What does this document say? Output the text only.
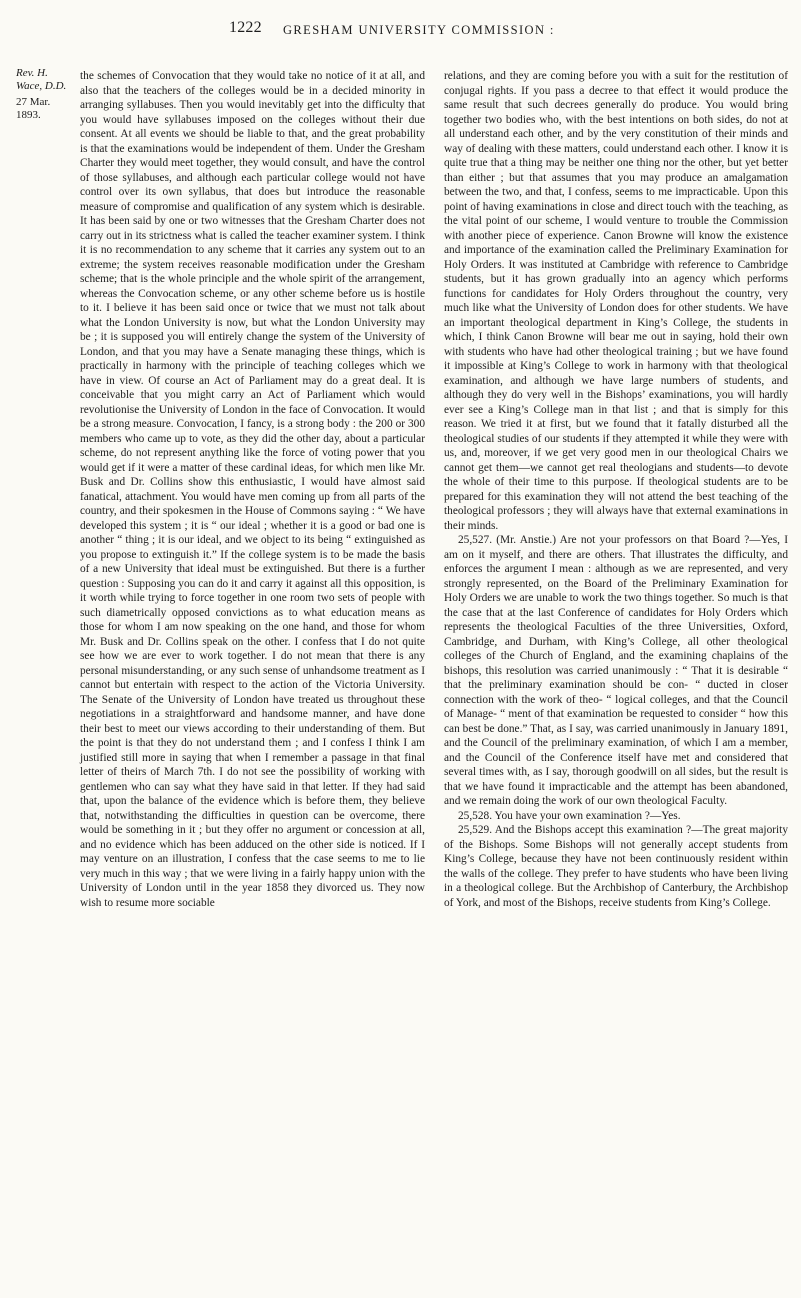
1222 GRESHAM UNIVERSITY COMMISSION :
Rev. H. Wace, D.D.
27 Mar. 1893.

the schemes of Convocation that they would take no notice of it at all, and also that the teachers of the colleges would be in a decided minority in arranging syllabuses. Then you would inevitably get into the difficulty that you would have syllabuses imposed on the colleges without their due consent. At all events we should be liable to that, and the great probability is that the examinations would be independent of them. Under the Gresham Charter they would meet together, they would consult, and have the control of those syllabuses, and although each particular college would not have control over its own syllabus, that does but introduce the reasonable measure of compromise and qualification of any system which is desirable. It has been said by one or two witnesses that the Gresham Charter does not carry out in its strictness what is called the teacher examiner system. I think it is no recommendation to any scheme that it carries any system out to an extreme; the system receives reasonable modification under the Gresham scheme; that is the whole principle and the whole spirit of the arrangement, whereas the Convocation scheme, or any other scheme before us is hostile to it. I believe it has been said once or twice that we must not talk about what the London University is now, but what the London University may be ; it is supposed you will entirely change the system of the University of London, and that you may have a Senate managing these things, which is practically in harmony with the principle of teaching colleges which we have in view. Of course an Act of Parliament may do a great deal. It is conceivable that you might carry an Act of Parliament which would revolutionise the University of London in the face of Convocation. It would be a strong measure. Convocation, I fancy, is a strong body : the 200 or 300 members who came up to vote, as they did the other day, about a particular scheme, do not represent anything like the force of voting power that you would get if it were a matter of these cardinal ideas, for which men like Mr. Busk and Dr. Collins show this enthusiastic, I would have almost said fanatical, attachment. You would have men coming up from all parts of the country, and their spokesmen in the House of Commons saying : “ We have developed this system ; it is “ our ideal ; whether it is a good or bad one is another “ thing ; it is our ideal, and we object to its being “ extinguished as you propose to extinguish it.” If the college system is to be made the basis of a new University that ideal must be extinguished. But there is a further question : Supposing you can do it and carry it against all this opposition, is it worth while trying to force together in one room two sets of people with such diametrically opposed convictions as to what education means as those for whom I am now speaking on the one hand, and those for whom Mr. Busk and Dr. Collins speak on the other. I confess that I do not quite see how we are ever to work together. I do not mean that there is any personal misunderstanding, or any such sense of unhandsome treatment as I cannot but entertain with respect to the action of the Victoria University. The Senate of the University of London have treated us throughout these negotiations in a straightforward and handsome manner, and have done their best to meet our views according to their understanding of them. But the point is that they do not understand them ; and I confess I think I am justified still more in saying that when I remember a passage in that final letter of theirs of March 7th. I do not see the possibility of working with gentlemen who can say what they have said in that letter. If they had said that, upon the balance of the evidence which is before them, they believe that, notwithstanding the difficulties in question can be overcome, there would be something in it ; but they offer no argument or concession at all, and no evidence which has been adduced on the other side is noticed. If I may venture on an illustration, I confess that the case seems to me to lie very much in this way ; that we were living in a fairly happy union with the University of London until in the year 1858 they divorced us. They now wish to resume more sociable

relations, and they are coming before you with a suit for the restitution of conjugal rights. If you pass a decree to that effect it would produce the same result that such decrees generally do produce. You would bring together two bodies who, with the best intentions on both sides, do not at all understand each other, and by the very constitution of their minds and way of dealing with these matters, could understand each other. I know it is quite true that a thing may be neither one thing nor the other, but yet better than either ; but that assumes that you may produce an amalgamation between the two, and that, I confess, seems to me impracticable. Upon this point of having examinations in close and direct touch with the teaching, as the vital point of our scheme, I would venture to trouble the Commission with another piece of experience. Canon Browne will know the existence and importance of the examination called the Preliminary Examination for Holy Orders. It was instituted at Cambridge with reference to Cambridge students, but it has grown gradually into an agency which performs functions for candidates for Holy Orders throughout the country, very much like what the University of London does for other students. We have an important theological department in King’s College, the students in which, I think Canon Browne will bear me out in saying, hold their own with students who have had other theological training ; but we have found it impossible at King’s College to work in harmony with that theological examination, and although we have large numbers of students, and although they do very well in the Bishops’ examinations, you will hardly ever see a King’s College man in that list ; and that is simply for this reason. We tried it at first, but we found that it fatally disturbed all the theological studies of our students if they attempted it while they were with us, and, moreover, if we get very good men in our theological Chairs we cannot get them—we cannot get real theologians and students—to devote the whole of their time to this purpose. If theological students are to be prepared for this examination they will not attend the best teaching of the theological professors ; they will always have that external examinations in their minds.

25,527. (Mr. Anstie.) Are not your professors on that Board ?—Yes, I am on it myself, and there are others. That illustrates the difficulty, and enforces the argument I mean : although as we are represented, and very strongly represented, on the Board of the Preliminary Examination for Holy Orders we are unable to work the two things together. So much is that the case that at the last Conference of candidates for Holy Orders which represents the theological Faculties of the three Universities, Oxford, Cambridge, and Durham, with King’s College, all other theological colleges of the Church of England, and the examining chaplains of the bishops, this resolution was carried unanimously : “ That it is desirable “ that the preliminary examination should be con- “ ducted in closer connection with the work of theo- “ logical colleges, and that the Council of Manage- “ ment of that examination be requested to consider “ how this can best be done.” That, as I say, was carried unanimously in January 1891, and the Council of the preliminary examination, of which I am a member, and the Council of the Conference itself have met and considered that several times with, as I say, thorough goodwill on all sides, but the result is that we have found it impracticable and the attempt has been abandoned, and we remain doing the work of our own theological Faculty.

25,528. You have your own examination ?—Yes.

25,529. And the Bishops accept this examination ?—The great majority of the Bishops. Some Bishops will not generally accept students from King’s College, because they have not been continuously resident within the walls of the college. They prefer to have students who have been living in a theological college. But the Archbishop of Canterbury, the Archbishop of York, and most of the Bishops, receive students from King’s College.
